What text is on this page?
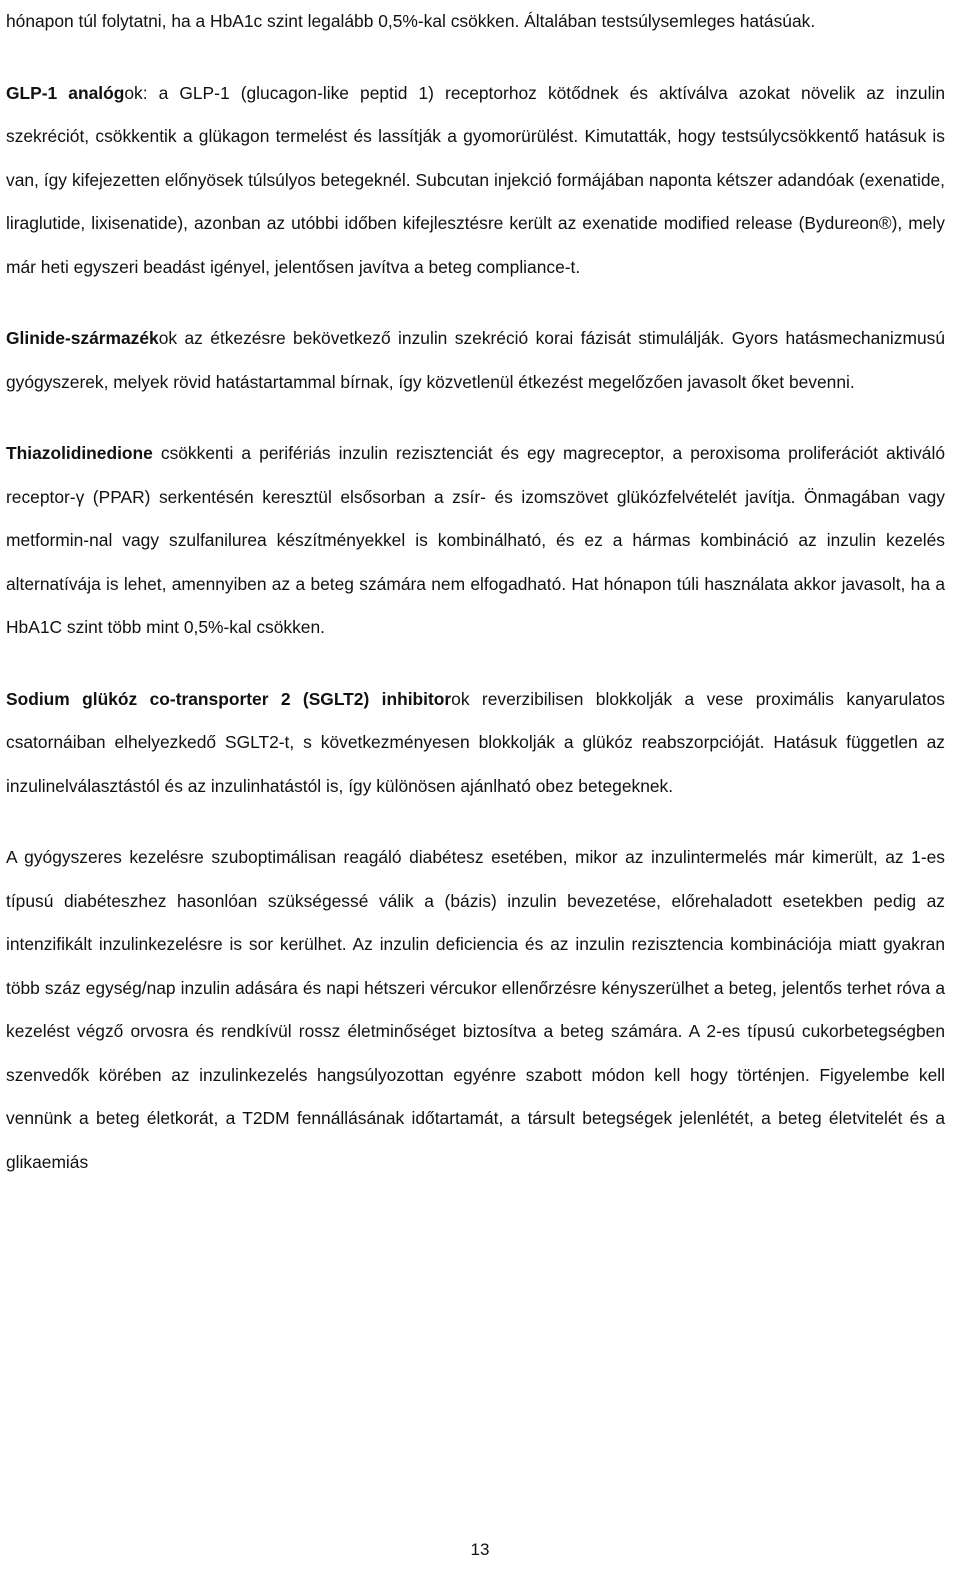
hónapon túl folytatni, ha a HbA1c szint legalább 0,5%-kal csökken. Általában testsúlysemleges hatásúak.

GLP-1 analógok: a GLP-1 (glucagon-like peptid 1) receptorhoz kötődnek és aktíválva azokat növelik az inzulin szekréciót, csökkentik a glükagon termelést és lassítják a gyomorürülést. Kimutatták, hogy testsúlycsökkentő hatásuk is van, így kifejezetten előnyösek túlsúlyos betegeknél. Subcutan injekció formájában naponta kétszer adandóak (exenatide, liraglutide, lixisenatide), azonban az utóbbi időben kifejlesztésre került az exenatide modified release (Bydureon®), mely már heti egyszeri beadást igényel, jelentősen javítva a beteg compliance-t.

Glinide-származékok az étkezésre bekövetkező inzulin szekréció korai fázisát stimulálják. Gyors hatásmechanizmusú gyógyszerek, melyek rövid hatástartammal bírnak, így közvetlenül étkezést megelőzően javasolt őket bevenni.

Thiazolidinedione csökkenti a perifériás inzulin rezisztenciát és egy magreceptor, a peroxisoma proliferációt aktiváló receptor-γ (PPAR) serkentésén keresztül elsősorban a zsír- és izomszövet glükózfelvételét javítja. Önmagában vagy metformin-nal vagy szulfanilurea készítményekkel is kombinálható, és ez a hármas kombináció az inzulin kezelés alternatívája is lehet, amennyiben az a beteg számára nem elfogadható. Hat hónapon túli használata akkor javasolt, ha a HbA1C szint több mint 0,5%-kal csökken.

Sodium glükóz co-transporter 2 (SGLT2) inhibitorok reverzibilisen blokkolják a vese proximális kanyarulatos csatornáiban elhelyezkedő SGLT2-t, s következményesen blokkolják a glükóz reabszorpcióját. Hatásuk független az inzulinelválasztástól és az inzulinhatástól is, így különösen ajánlható obez betegeknek.

A gyógyszeres kezelésre szuboptimálisan reagáló diabétesz esetében, mikor az inzulintermelés már kimerült, az 1-es típusú diabéteszhez hasonlóan szükségessé válik a (bázis) inzulin bevezetése, előrehaladott esetekben pedig az intenzifikált inzulinkezelésre is sor kerülhet. Az inzulin deficiencia és az inzulin rezisztencia kombinációja miatt gyakran több száz egység/nap inzulin adására és napi hétszeri vércukor ellenőrzésre kényszerülhet a beteg, jelentős terhet róva a kezelést végző orvosra és rendkívül rossz életminőséget biztosítva a beteg számára. A 2-es típusú cukorbetegségben szenvedők körében az inzulinkezelés hangsúlyozottan egyénre szabott módon kell hogy történjen. Figyelembe kell vennünk a beteg életkorát, a T2DM fennállásának időtartamát, a társult betegségek jelenlétét, a beteg életvitelét és a glikaemiás

13
